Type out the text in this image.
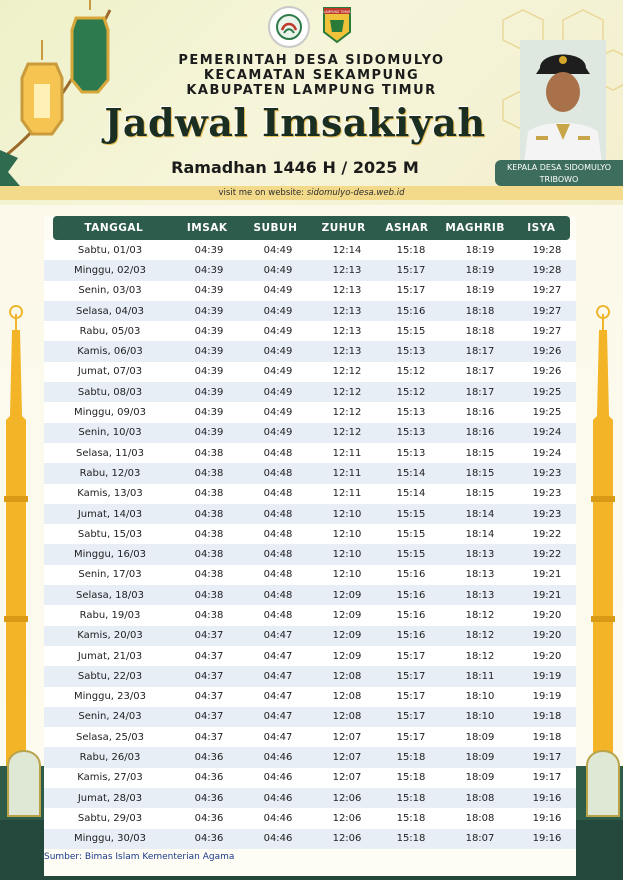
LAMPUNG TIMUR
PEMERINTAH DESA SIDOMULYO
KECAMATAN SEKAMPUNG
KABUPATEN LAMPUNG TIMUR
Jadwal Imsakiyah
Ramadhan 1446 H / 2025 M	KEPALA DESA SIDOMULYO
TRIBOWO
visit me on website: sidomulyo-desa.web.id
TANGGAL	IMSAK	SUBUH	ZUHUR	ASHAR	MAGHRIB	ISYA
Sabtu, 01/03	04:39	04:49	12:14	15:18	18:19	19:28
Minggu, 02/03	04:39	04:49	12:13	15:17	18:19	19:28
Senin, 03/03	04:39	04:49	12:13	15:17	18:19	19:27
Selasa, 04/03	04:39	04:49	12:13	15:16	18:18	19:27
Rabu, 05/03	04:39	04:49	12:13	15:15	18:18	19:27
Kamis, 06/03	04:39	04:49	12:13	15:13	18:17	19:26
Jumat, 07/03	04:39	04:49	12:12	15:12	18:17	19:26
Sabtu, 08/03	04:39	04:49	12:12	15:12	18:17	19:25
Minggu, 09/03	04:39	04:49	12:12	15:13	18:16	19:25
Senin, 10/03	04:39	04:49	12:12	15:13	18:16	19:24
Selasa, 11/03	04:38	04:48	12:11	15:13	18:15	19:24
Rabu, 12/03	04:38	04:48	12:11	15:14	18:15	19:23
Kamis, 13/03	04:38	04:48	12:11	15:14	18:15	19:23
Jumat, 14/03	04:38	04:48	12:10	15:15	18:14	19:23
Sabtu, 15/03	04:38	04:48	12:10	15:15	18:14	19:22
Minggu, 16/03	04:38	04:48	12:10	15:15	18:13	19:22
Senin, 17/03	04:38	04:48	12:10	15:16	18:13	19:21
Selasa, 18/03	04:38	04:48	12:09	15:16	18:13	19:21
Rabu, 19/03	04:38	04:48	12:09	15:16	18:12	19:20
Kamis, 20/03	04:37	04:47	12:09	15:16	18:12	19:20
Jumat, 21/03	04:37	04:47	12:09	15:17	18:12	19:20
Sabtu, 22/03	04:37	04:47	12:08	15:17	18:11	19:19
Minggu, 23/03	04:37	04:47	12:08	15:17	18:10	19:19
Senin, 24/03	04:37	04:47	12:08	15:17	18:10	19:18
Selasa, 25/03	04:37	04:47	12:07	15:17	18:09	19:18
Rabu, 26/03	04:36	04:46	12:07	15:18	18:09	19:17
Kamis, 27/03	04:36	04:46	12:07	15:18	18:09	19:17
Jumat, 28/03	04:36	04:46	12:06	15:18	18:08	19:16
Sabtu, 29/03	04:36	04:46	12:06	15:18	18:08	19:16
Minggu, 30/03	04:36	04:46	12:06	15:18	18:07	19:16
Sumber: Bimas Islam Kementerian Agama
